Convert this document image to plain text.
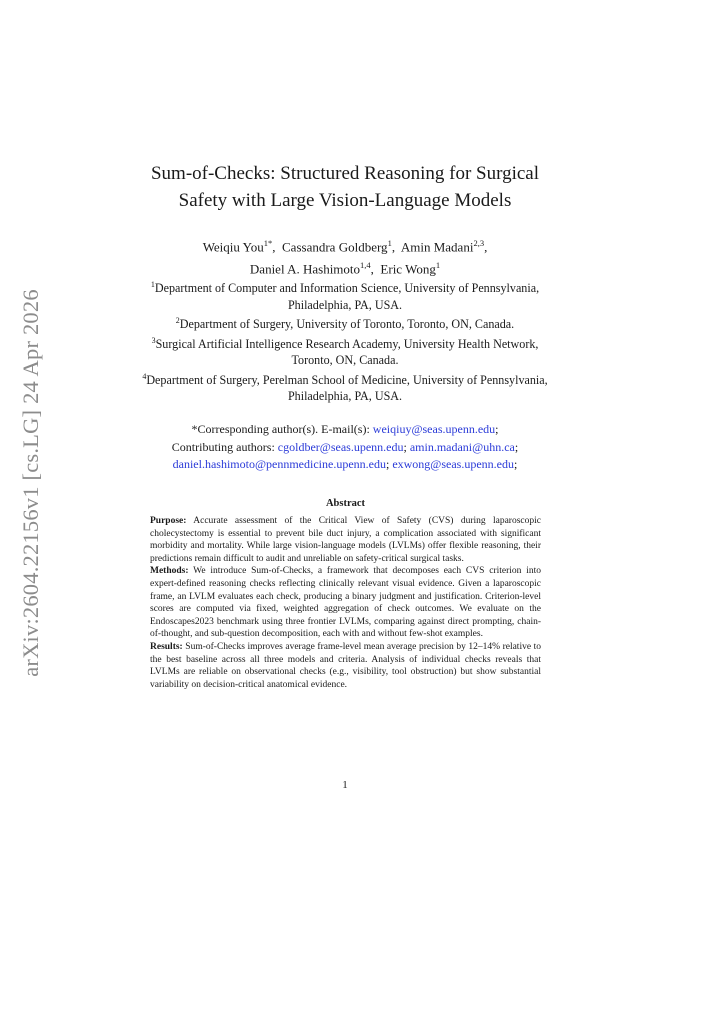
arXiv:2604.22156v1 [cs.LG] 24 Apr 2026
Sum-of-Checks: Structured Reasoning for Surgical
Safety with Large Vision-Language Models
Weiqiu You$^{1*}$,  Cassandra Goldberg$^1$,  Amin Madani$^{2,3}$,
Daniel A. Hashimoto$^{1,4}$,  Eric Wong$^1$
$^1$Department of Computer and Information Science, University of Pennsylvania, Philadelphia, PA, USA.
$^2$Department of Surgery, University of Toronto, Toronto, ON, Canada.
$^3$Surgical Artificial Intelligence Research Academy, University Health Network, Toronto, ON, Canada.
$^4$Department of Surgery, Perelman School of Medicine, University of Pennsylvania, Philadelphia, PA, USA.
*Corresponding author(s). E-mail(s): weiqiuy@seas.upenn.edu;
Contributing authors: cgoldber@seas.upenn.edu; amin.madani@uhn.ca;
daniel.hashimoto@pennmedicine.upenn.edu; exwong@seas.upenn.edu;
Abstract

Purpose: Accurate assessment of the Critical View of Safety (CVS) during laparoscopic cholecystectomy is essential to prevent bile duct injury, a complication associated with significant morbidity and mortality. While large vision-language models (LVLMs) offer flexible reasoning, their predictions remain difficult to audit and unreliable on safety-critical surgical tasks.

Methods: We introduce Sum-of-Checks, a framework that decomposes each CVS criterion into expert-defined reasoning checks reflecting clinically relevant visual evidence. Given a laparoscopic frame, an LVLM evaluates each check, producing a binary judgment and justification. Criterion-level scores are computed via fixed, weighted aggregation of check outcomes. We evaluate on the Endoscapes2023 benchmark using three frontier LVLMs, comparing against direct prompting, chain-of-thought, and sub-question decomposition, each with and without few-shot examples.

Results: Sum-of-Checks improves average frame-level mean average precision by 12–14% relative to the best baseline across all three models and criteria. Analysis of individual checks reveals that LVLMs are reliable on observational checks (e.g., visibility, tool obstruction) but show substantial variability on decision-critical anatomical evidence.

1
